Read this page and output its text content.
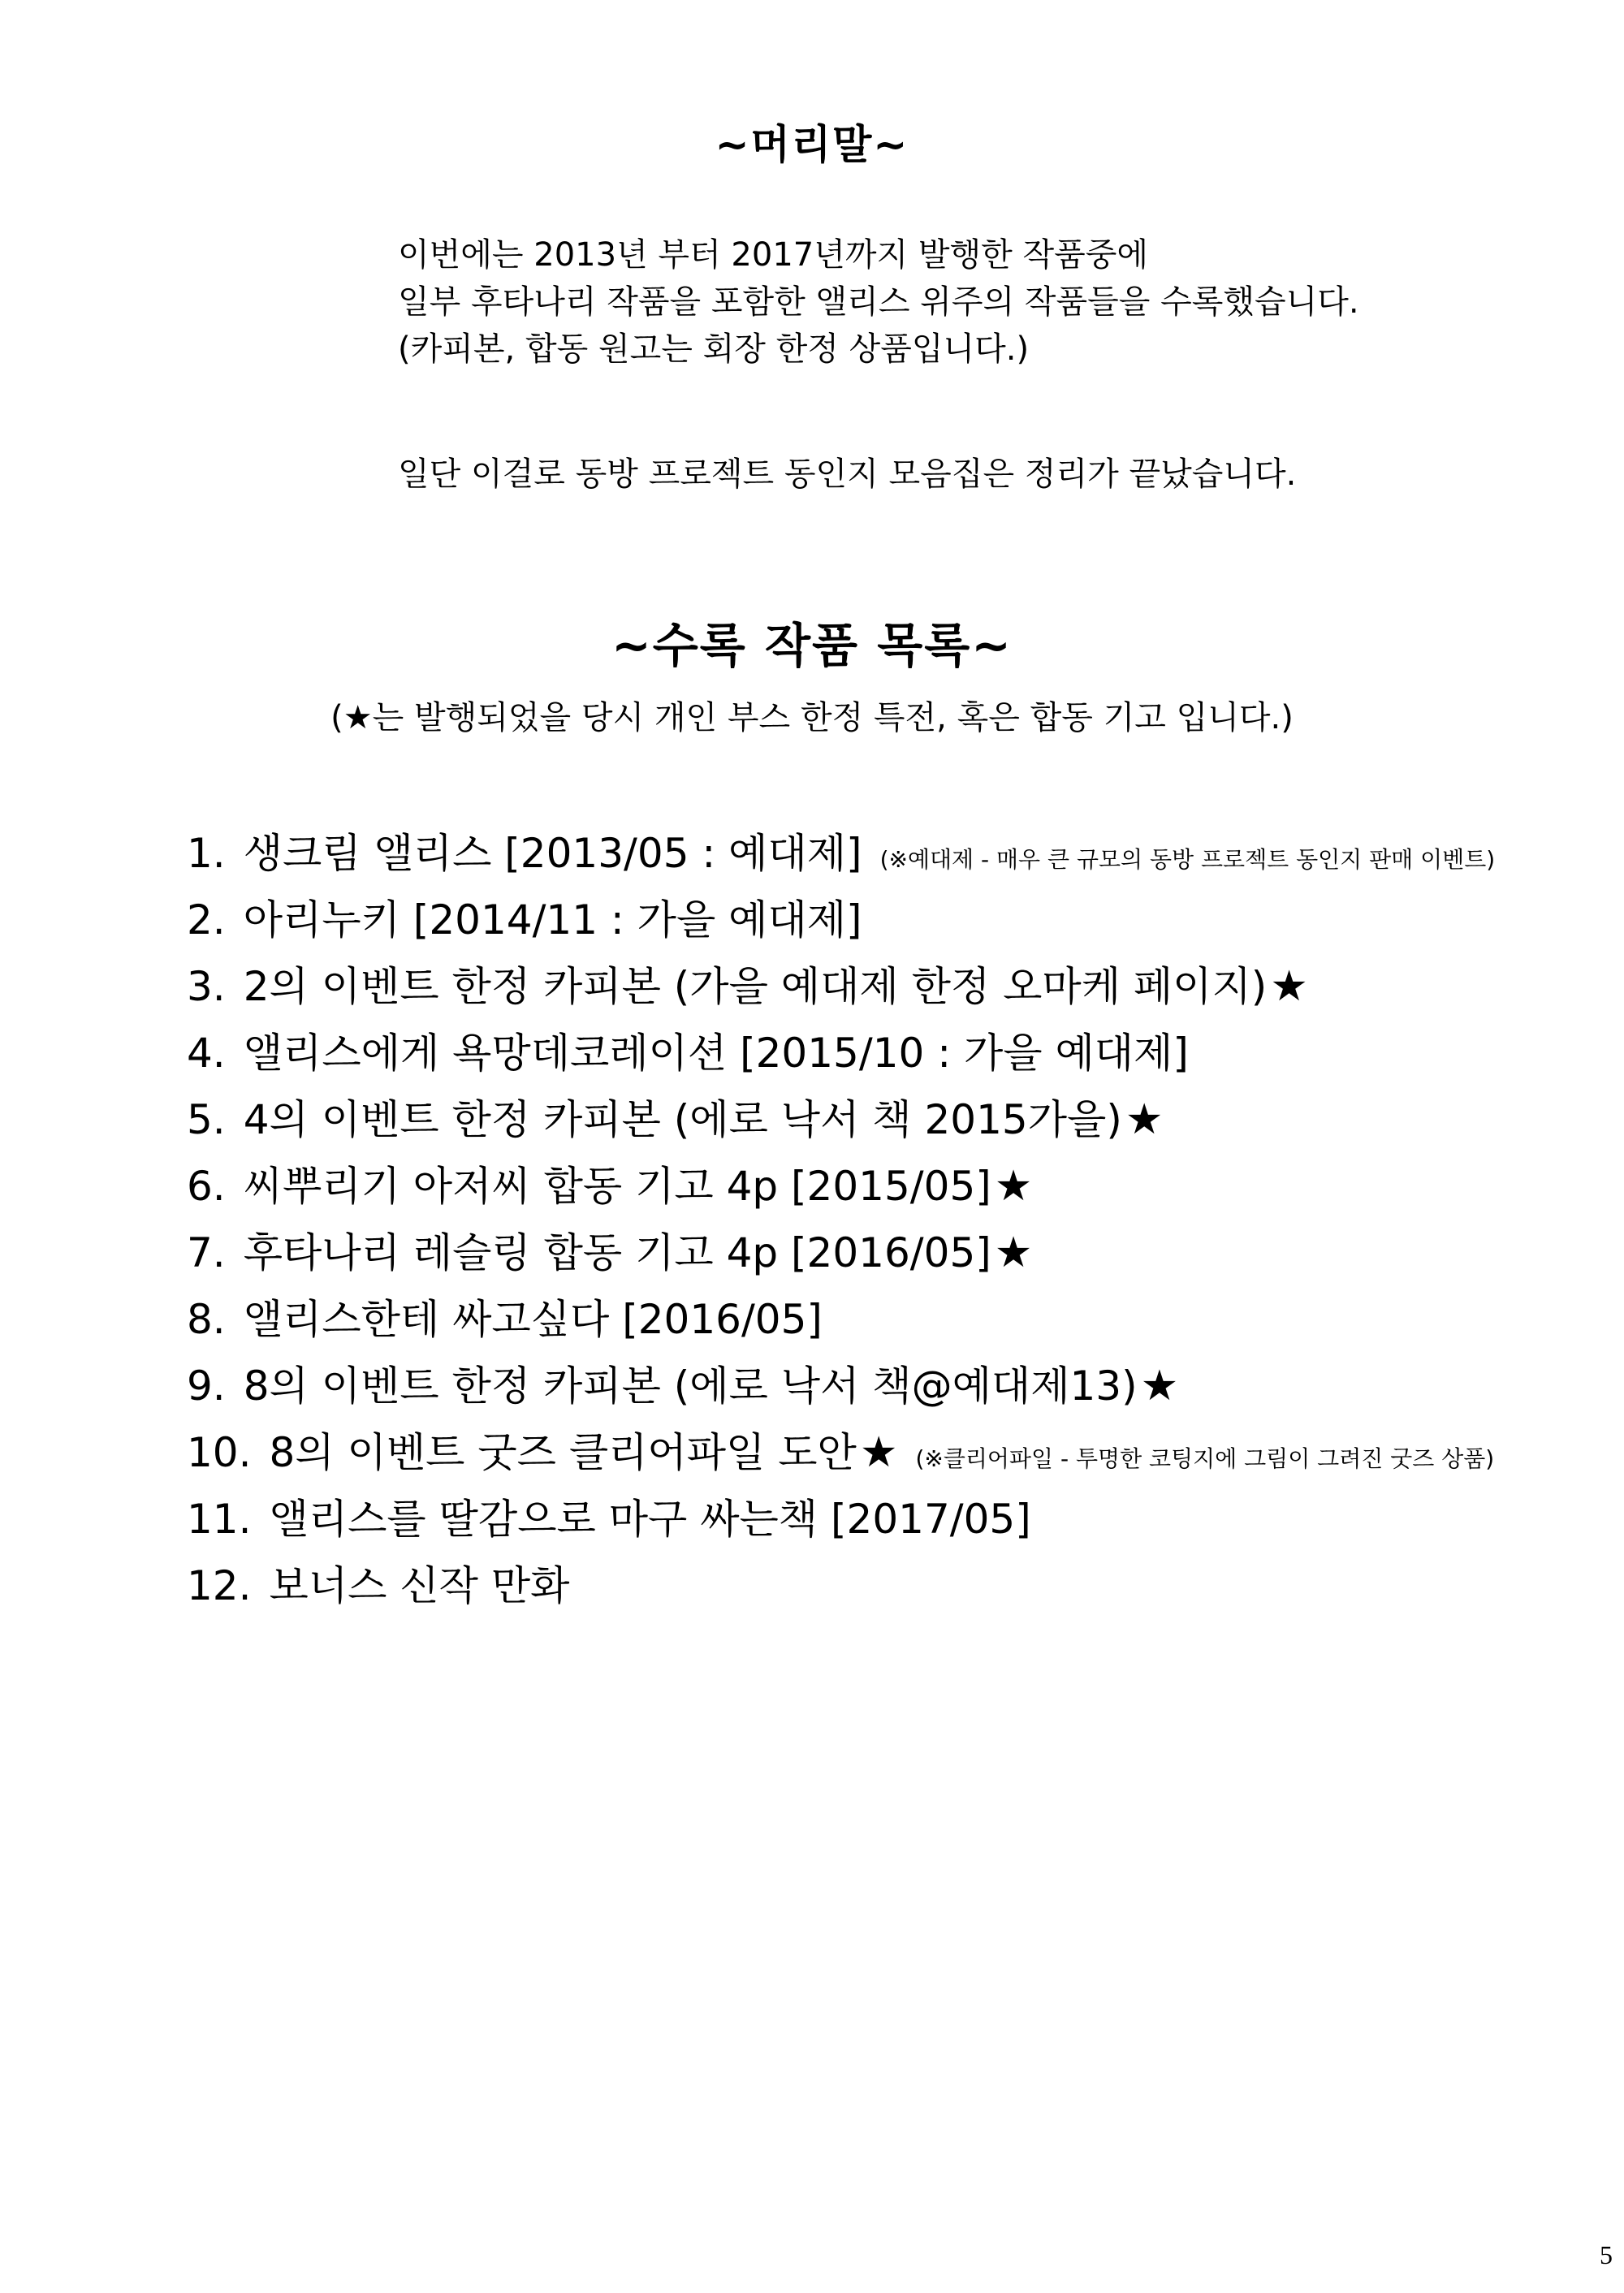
~머리말~
이번에는 2013년 부터 2017년까지 발행한 작품중에
일부 후타나리 작품을 포함한 앨리스 위주의 작품들을 수록했습니다.
(카피본, 합동 원고는 회장 한정 상품입니다.)
일단 이걸로 동방 프로젝트 동인지 모음집은 정리가 끝났습니다.
~수록 작품 목록~
(★는 발행되었을 당시 개인 부스 한정 특전, 혹은 합동 기고 입니다.)
1. 생크림 앨리스 [2013/05 : 예대제] (※예대제 - 매우 큰 규모의 동방 프로젝트 동인지 판매 이벤트)
2. 아리누키 [2014/11 : 가을 예대제]
3. 2의 이벤트 한정 카피본 (가을 예대제 한정 오마케 페이지) ★
4. 앨리스에게 욕망데코레이션 [2015/10 : 가을 예대제]
5. 4의 이벤트 한정 카피본 (에로 낙서 책 2015가을) ★
6. 씨뿌리기 아저씨 합동 기고 4p [2015/05] ★
7. 후타나리 레슬링 합동 기고 4p [2016/05] ★
8. 앨리스한테 싸고싶다 [2016/05]
9. 8의 이벤트 한정 카피본 (에로 낙서 책@예대제13) ★
10. 8의 이벤트 굿즈 클리어파일 도안 ★ (※클리어파일 - 투명한 코팅지에 그림이 그려진 굿즈 상품)
11. 앨리스를 딸감으로 마구 싸는책 [2017/05]
12. 보너스 신작 만화
5
